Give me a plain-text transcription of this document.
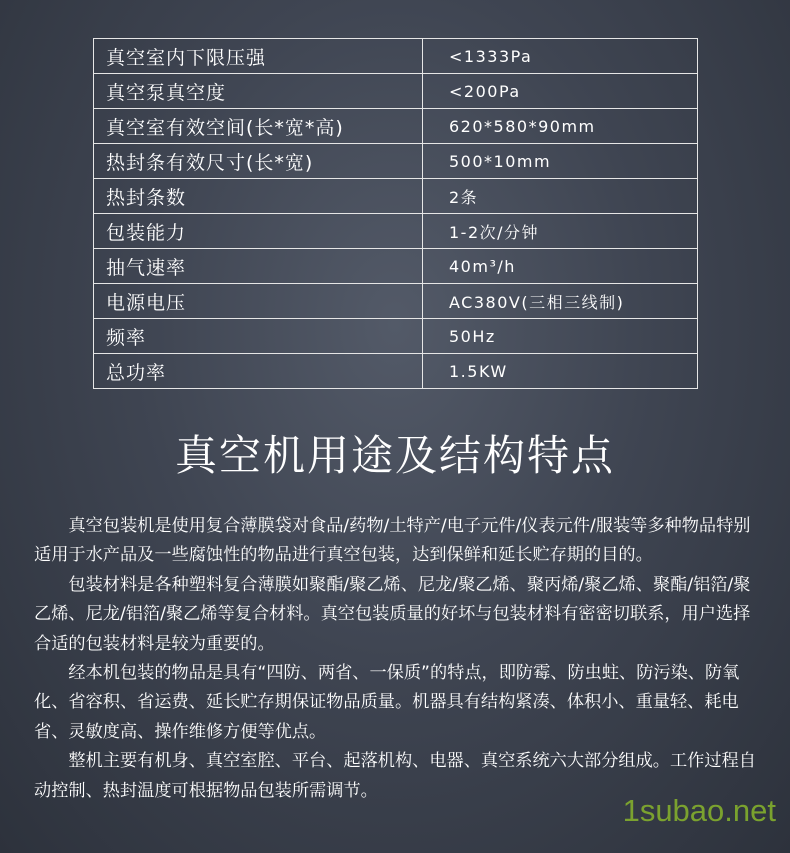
真空室内下限压强	<1333Pa
真空泵真空度	<200Pa
真空室有效空间(长*宽*高)	620*580*90mm
热封条有效尺寸(长*宽)	500*10mm
热封条数	2条
包装能力	1-2次/分钟
抽气速率	40m³/h
电源电压	AC380V(三相三线制)
频率	50Hz
总功率	1.5KW
真空机用途及结构特点

真空包装机是使用复合薄膜袋对食品/药物/土特产/电子元件/仪表元件/服装等多种物品特别适用于水产品及一些腐蚀性的物品进行真空包装，达到保鲜和延长贮存期的目的。

包装材料是各种塑料复合薄膜如聚酯/聚乙烯、尼龙/聚乙烯、聚丙烯/聚乙烯、聚酯/铝箔/聚乙烯、尼龙/铝箔/聚乙烯等复合材料。真空包装质量的好坏与包装材料有密密切联系，用户选择合适的包装材料是较为重要的。

经本机包装的物品是具有“四防、两省、一保质”的特点，即防霉、防虫蛀、防污染、防氧化、省容积、省运费、延长贮存期保证物品质量。机器具有结构紧凑、体积小、重量轻、耗电省、灵敏度高、操作维修方便等优点。

整机主要有机身、真空室腔、平台、起落机构、电器、真空系统六大部分组成。工作过程自动控制、热封温度可根据物品包装所需调节。

1subao.net
